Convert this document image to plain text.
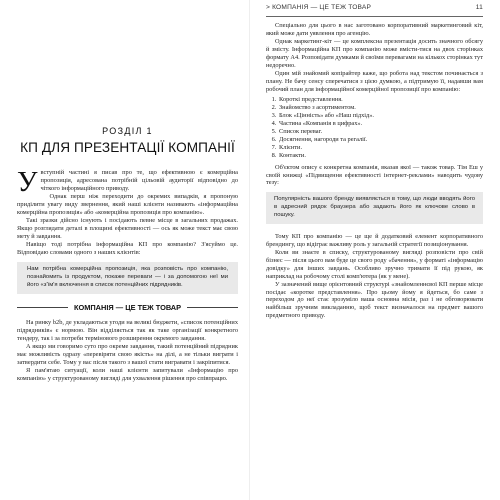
РОЗДІЛ 1
КП ДЛЯ ПРЕЗЕНТАЦІЇ КОМПАНІЇ

Увступній частині я писав про те, що ефективною є комерційна пропозиція, адресована потрібній цільовій аудиторії відповідно до чіткого інформаційного приводу.

Однак перш ніж переходити до окремих випадків, я пропоную приділити увагу виду звернення, який наші клієнти називають «інформаційна комерційна пропозиція» або «комерційна пропозиція про компанію».

Такі зразки дійсно існують і посідають певне місце в загальних продажах. Якщо розглядати деталі в площині ефективності — ось як може текст має свою мету й завдання.

Навіщо тоді потрібна інформаційна КП про компанію? З'ясуймо це. Відповідаю словами одного з наших клієнтів:

Нам потрібна комерційна пропозиція, яка розповість про компанію, познайомить із продуктом, покаже переваги — і за допомогою неї ми його «з'їм'я включення в список потенційних підрядників.
КОМПАНІЯ — ЦЕ ТЕЖ ТОВАР

На ринку b2b, де укладаються угоди на великі бюджети, «список потенційних підрядників» є нормою. Він відділяється так як таке організації конкретного тендеру, так і за потреби термінового розширення окремого завдання.

А якщо ми говоримо суто про окреме завдання, такий потенційний підрядник має можливість одразу «перевіряти свою якість» на ділі, а не тільки виграти і затвердити себе. Тому у вас після такого з вашої стати вигравати і закріпитися.

Я пам'ятаю ситуації, коли наші клієнти запитували «Інформацію про компанію» у структурованому вигляді для ухвалення рішення про співпрацю.

> КОМПАНІЯ — ЦЕ ТЕЖ ТОВАР	11

Спеціально для цього в нас заготовано корпоративний маркетинговий кіт, який може дати уявлення про агенцію.

Однак маркетинг-кіт — це комплексна презентація досить значного обсягу й змісту. Інформаційна КП про компанію може вмісти-тися на двох сторінках формату А4. Розповідати думками й своїми перевагами на кількох сторінках тут недоречно.

Один мій знайомий копірайтер каже, що робота над текстом починається з плану. Не бачу сенсу сперечатися з цією думкою, а підтримую її, надавши вам робочий план для інформаційної комерційної пропозиції про компанію:

1. Короткі представлення.
2. Знайомство з асортиментом.
3. Блок «Цінність» або «Наш підхід».
4. Частина «Компанія в цифрах».
5. Список переваг.
6. Досягнення, нагороди та регалії.
7. Клієнти.
8. Контакти.

Об'єктом опису є конкретна компанія, вказав якої — також товар. Тім Еш у своїй книжці «Підвищення ефективності інтернет-реклами» наводить чудову тезу:

Популярність вашого бренду виявляється в тому, що люди вводять його в адресний рядок браузера або задають його як ключове слово в пошуку.

Тому КП про компанію — це ще й додатковий елемент корпоративного брендингу, що відіграє важливу роль у загальній стратегії позиціонування.

Коли ви знаєте в списку, структурованому вигляді розповісти про свій бізнес — після цього вам буде це свого роду «бачення», у форматі «інформацію довідку» для інших завдань. Особливо зручно тримати її під рукою, як наприклад на робочому столі комп'ютера (як у мене).

У зазначений вище орієнтовний структурі «знайомленнєвої КП перше місце посідає «коротке представлення». Про цьому йому я йдеться, бо саме з переходом до неї стає зрозуміло ваша основна місія, раз і не обговорювати найбільш зручним викладанню, щоб текст визначалося на предмет вашого предметного приводу.
